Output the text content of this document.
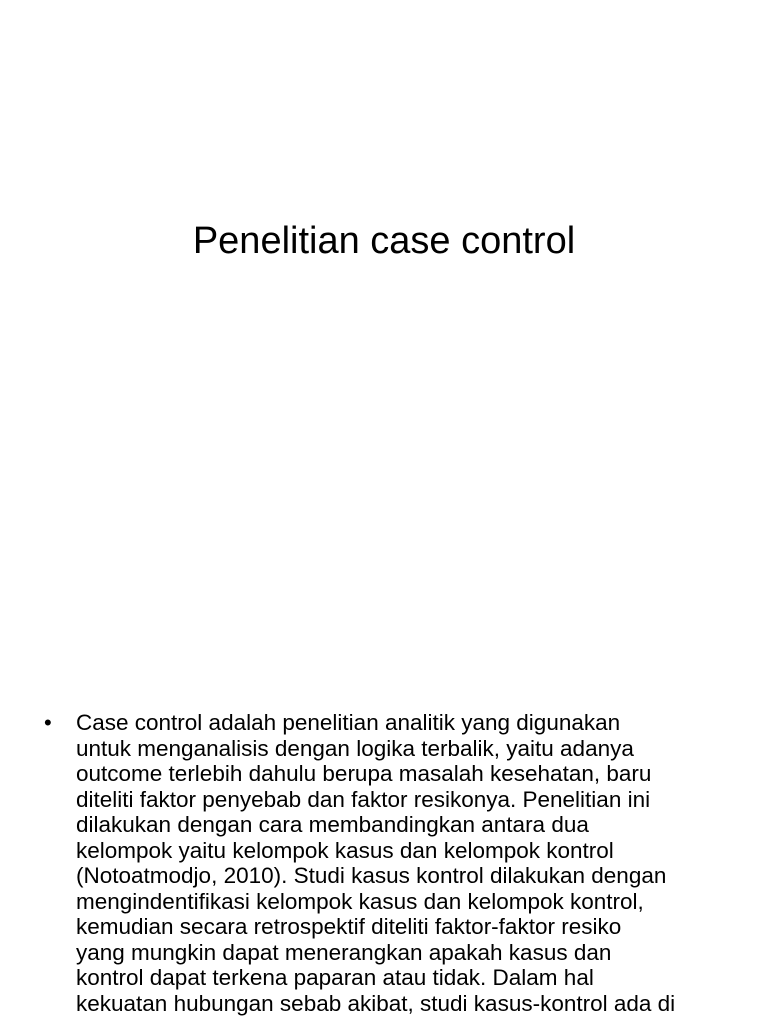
Penelitian case control
• Case control adalah penelitian analitik yang digunakan
untuk menganalisis dengan logika terbalik, yaitu adanya
outcome terlebih dahulu berupa masalah kesehatan, baru
diteliti faktor penyebab dan faktor resikonya. Penelitian ini
dilakukan dengan cara membandingkan antara dua
kelompok yaitu kelompok kasus dan kelompok kontrol
(Notoatmodjo, 2010). Studi kasus kontrol dilakukan dengan
mengindentifikasi kelompok kasus dan kelompok kontrol,
kemudian secara retrospektif diteliti faktor-faktor resiko
yang mungkin dapat menerangkan apakah kasus dan
kontrol dapat terkena paparan atau tidak. Dalam hal
kekuatan hubungan sebab akibat, studi kasus-kontrol ada di
